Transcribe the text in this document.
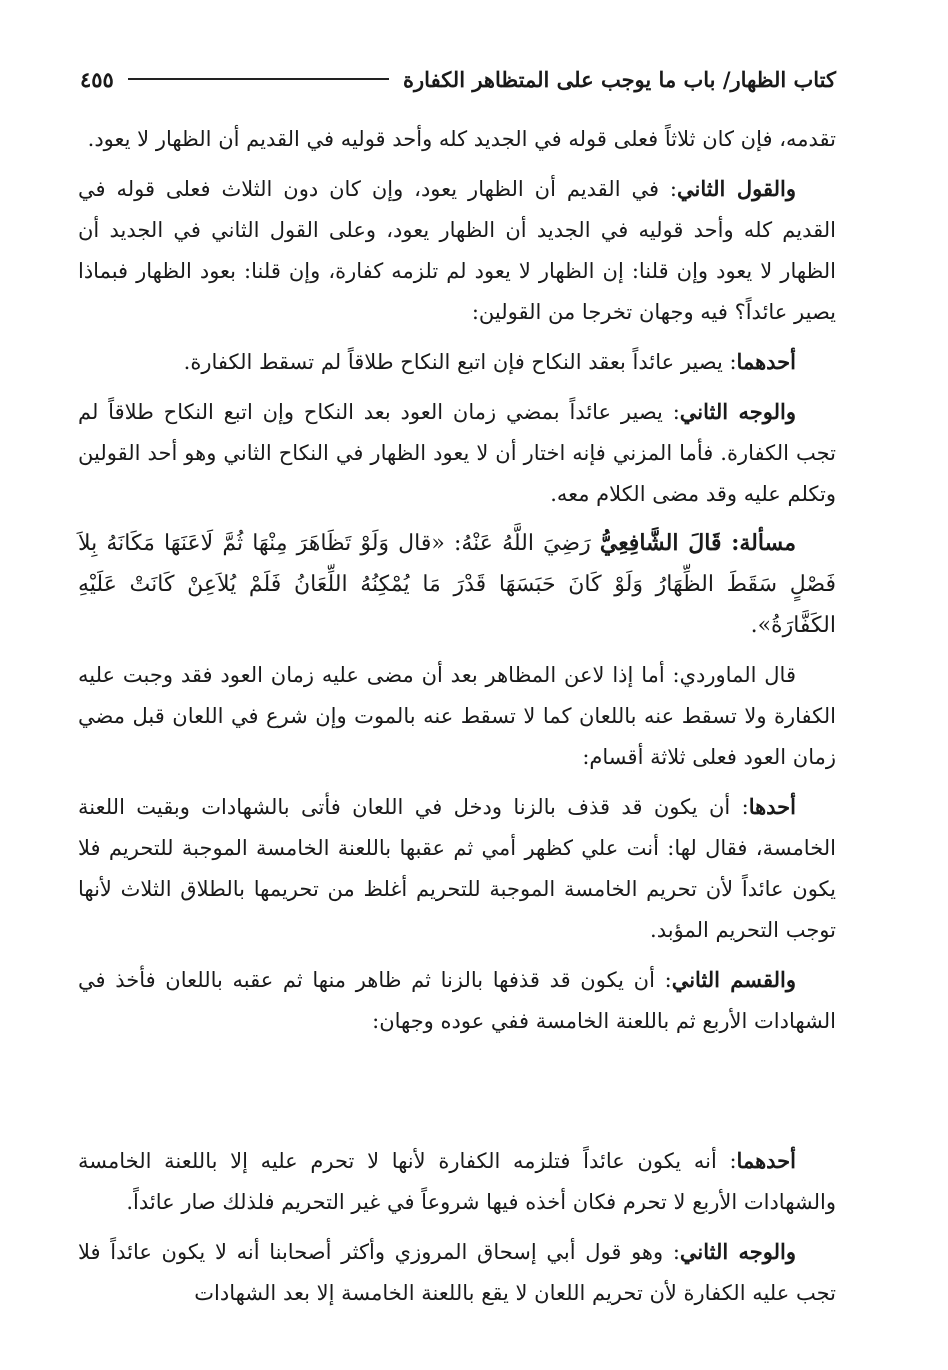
كتاب الظهار/ باب ما يوجب على المتظاهر الكفارة
٤٥٥

تقدمه، فإن كان ثلاثاً فعلى قوله في الجديد كله وأحد قوليه في القديم أن الظهار لا يعود.

والقول الثاني: في القديم أن الظهار يعود، وإن كان دون الثلاث فعلى قوله في القديم كله وأحد قوليه في الجديد أن الظهار يعود، وعلى القول الثاني في الجديد أن الظهار لا يعود وإن قلنا: إن الظهار لا يعود لم تلزمه كفارة، وإن قلنا: بعود الظهار فبماذا يصير عائداً؟ فيه وجهان تخرجا من القولين:

أحدهما: يصير عائداً بعقد النكاح فإن اتبع النكاح طلاقاً لم تسقط الكفارة.

والوجه الثاني: يصير عائداً بمضي زمان العود بعد النكاح وإن اتبع النكاح طلاقاً لم تجب الكفارة. فأما المزني فإنه اختار أن لا يعود الظهار في النكاح الثاني وهو أحد القولين وتكلم عليه وقد مضى الكلام معه.

مسألة: قَالَ الشَّافِعِيُّ رَضِيَ اللَّهُ عَنْهُ: «قال وَلَوْ تَظَاهَرَ مِنْهَا ثُمَّ لَاعَنَهَا مَكَانَهُ بِلاَ فَصْلٍ سَقَطَ الظِّهَارُ وَلَوْ كَانَ حَبَسَهَا قَدْرَ مَا يُمْكِنُهُ اللِّعَانُ فَلَمْ يُلاَعِنْ كَانَتْ عَلَيْهِ الكَفَّارَةُ».

قال الماوردي: أما إذا لاعن المظاهر بعد أن مضى عليه زمان العود فقد وجبت عليه الكفارة ولا تسقط عنه باللعان كما لا تسقط عنه بالموت وإن شرع في اللعان قبل مضي زمان العود فعلى ثلاثة أقسام:

أحدها: أن يكون قد قذف بالزنا ودخل في اللعان فأتى بالشهادات وبقيت اللعنة الخامسة، فقال لها: أنت علي كظهر أمي ثم عقبها باللعنة الخامسة الموجبة للتحريم فلا يكون عائداً لأن تحريم الخامسة الموجبة للتحريم أغلظ من تحريمها بالطلاق الثلاث لأنها توجب التحريم المؤبد.

والقسم الثاني: أن يكون قد قذفها بالزنا ثم ظاهر منها ثم عقبه باللعان فأخذ في الشهادات الأربع ثم باللعنة الخامسة ففي عوده وجهان:

أحدهما: أنه يكون عائداً فتلزمه الكفارة لأنها لا تحرم عليه إلا باللعنة الخامسة والشهادات الأربع لا تحرم فكان أخذه فيها شروعاً في غير التحريم فلذلك صار عائداً.

والوجه الثاني: وهو قول أبي إسحاق المروزي وأكثر أصحابنا أنه لا يكون عائداً فلا تجب عليه الكفارة لأن تحريم اللعان لا يقع باللعنة الخامسة إلا بعد الشهادات
